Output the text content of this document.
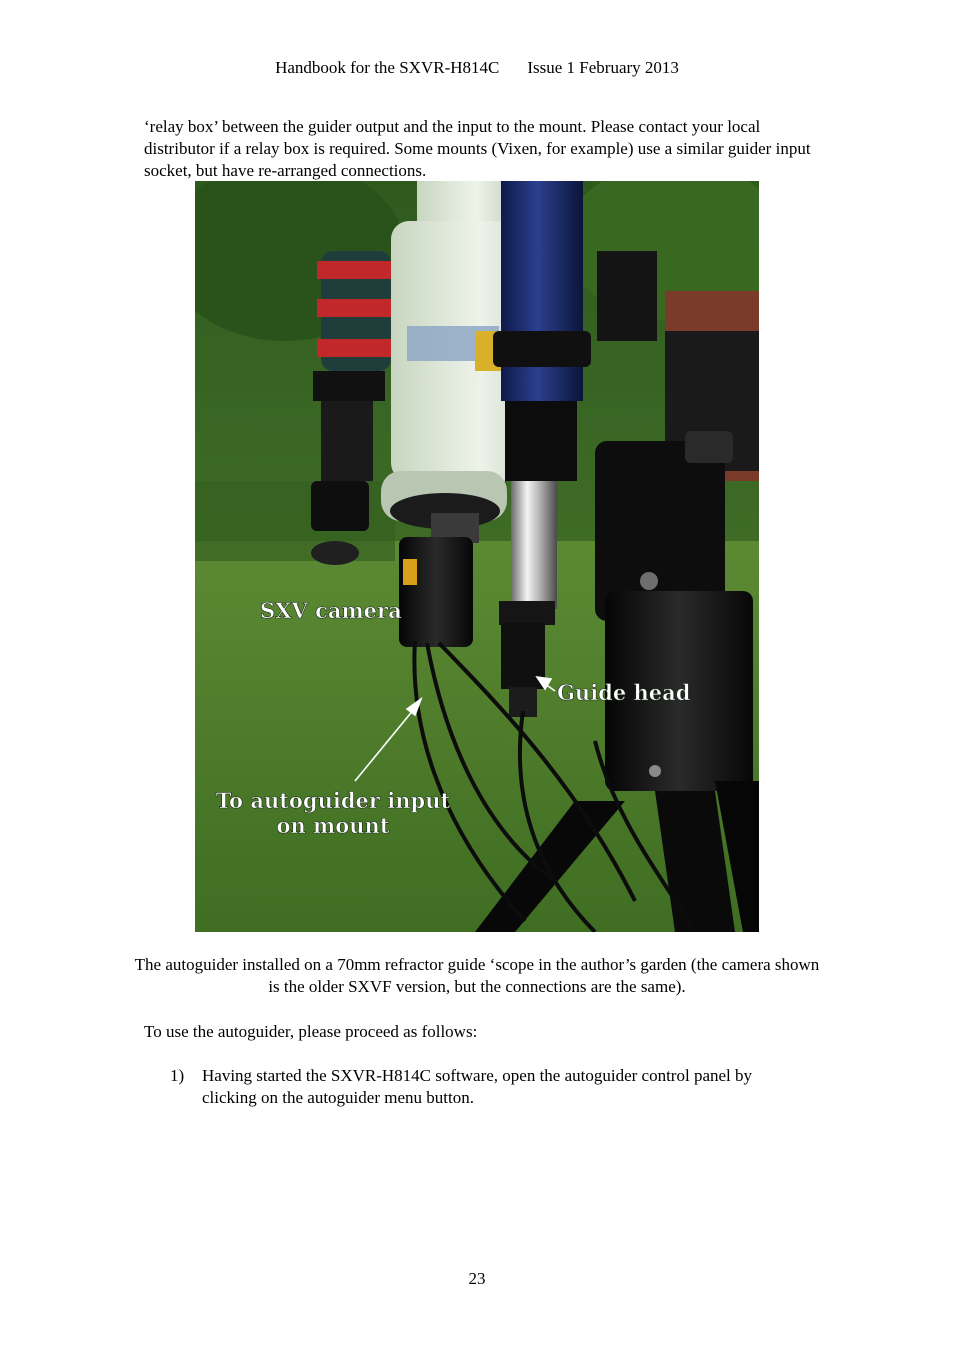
Handbook for the SXVR-H814C Issue 1 February 2013
‘relay box’ between the guider output and the input to the mount. Please contact your local distributor if a relay box is required. Some mounts (Vixen, for example) use a similar guider input socket, but have re-arranged connections.
SXV camera
Guide head
To autoguider input
on mount
The autoguider installed on a 70mm refractor guide ‘scope in the author’s garden (the camera shown is the older SXVF version, but the connections are the same).
To use the autoguider, please proceed as follows:
1) Having started the SXVR-H814C software, open the autoguider control panel by clicking on the autoguider menu button.
23
